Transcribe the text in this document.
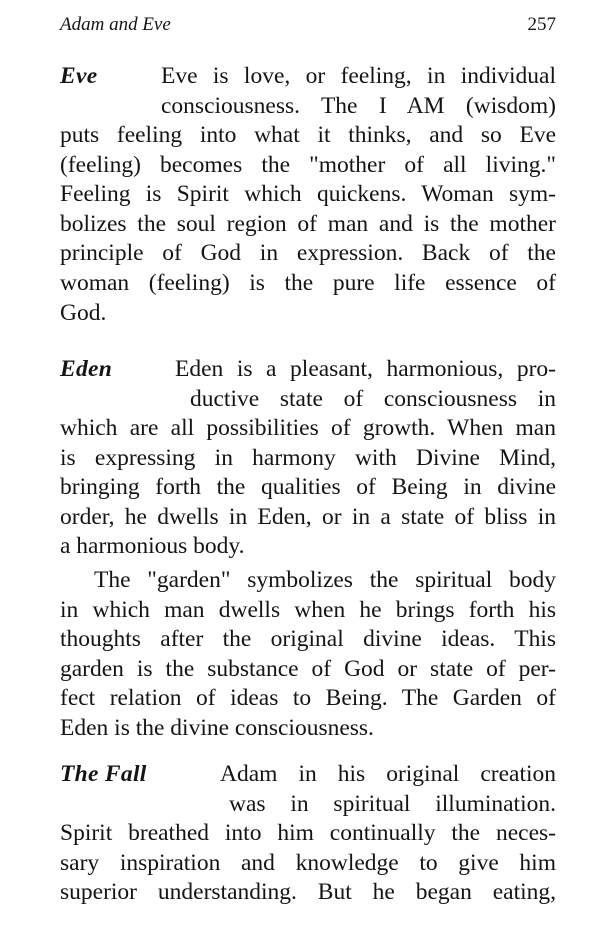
Adam and Eve	257
Eve	Eve is love, or feeling, in individual
consciousness. The I AM (wisdom)
puts feeling into what it thinks, and so Eve
(feeling) becomes the "mother of all living."
Feeling is Spirit which quickens. Woman sym-
bolizes the soul region of man and is the mother
principle of God in expression. Back of the
woman (feeling) is the pure life essence of
God.
Eden	Eden is a pleasant, harmonious, pro-
ductive state of consciousness in
which are all possibilities of growth. When man
is expressing in harmony with Divine Mind,
bringing forth the qualities of Being in divine
order, he dwells in Eden, or in a state of bliss in
a harmonious body.
The "garden" symbolizes the spiritual body
in which man dwells when he brings forth his
thoughts after the original divine ideas. This
garden is the substance of God or state of per-
fect relation of ideas to Being. The Garden of
Eden is the divine consciousness.
The Fall	Adam in his original creation
was in spiritual illumination.
Spirit breathed into him continually the neces-
sary inspiration and knowledge to give him
superior understanding. But he began eating,
